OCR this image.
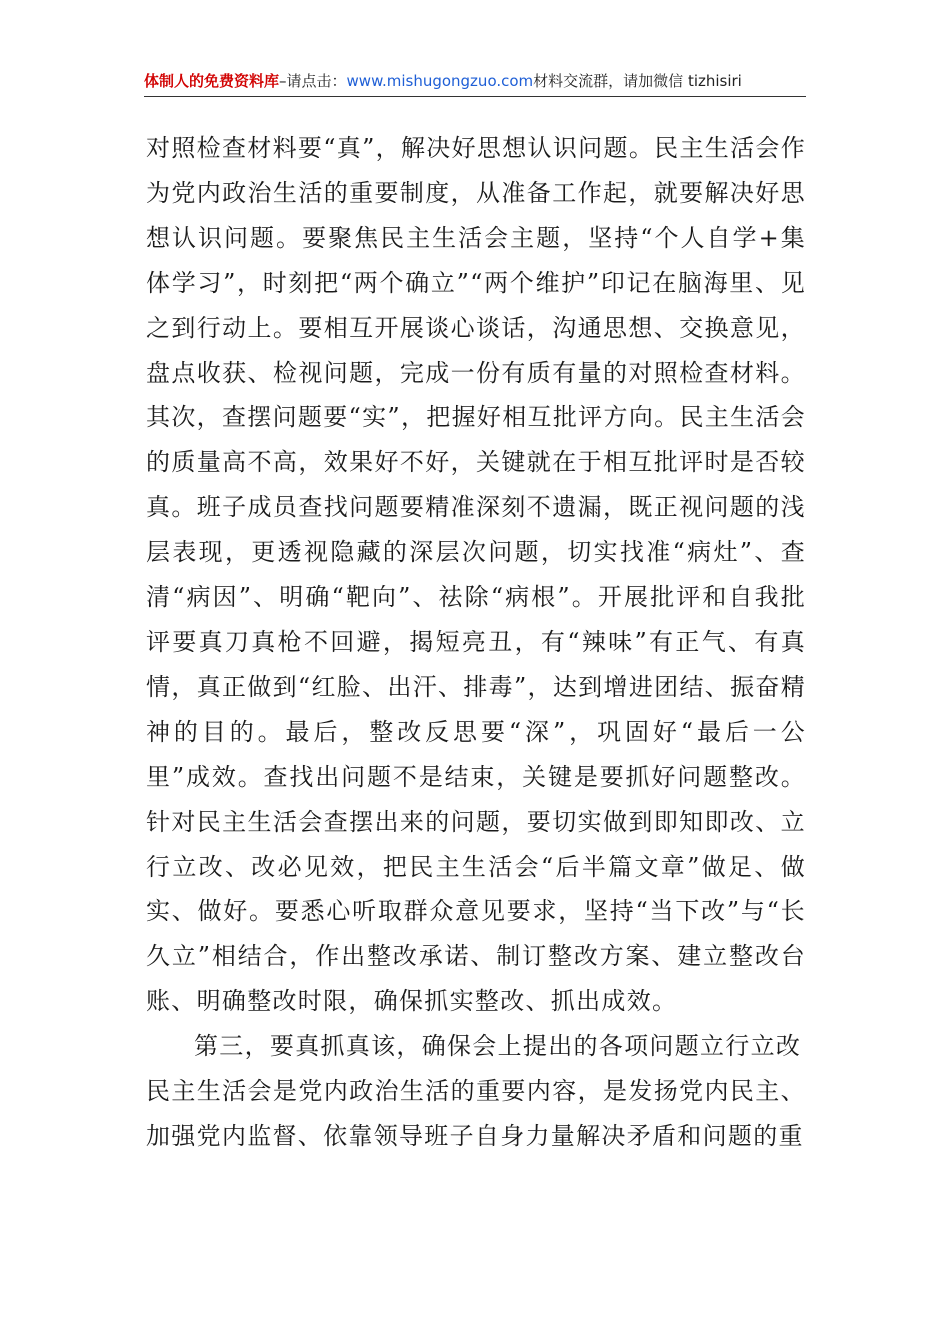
体制人的免费资料库–请点击：www.mishugongzuo.com材料交流群，请加微信 tizhisiri

对照检查材料要“真”，解决好思想认识问题。民主生活会作为党内政治生活的重要制度，从准备工作起，就要解决好思想认识问题。要聚焦民主生活会主题，坚持“个人自学+集体学习”，时刻把“两个确立”“两个维护”印记在脑海里、见之到行动上。要相互开展谈心谈话，沟通思想、交换意见，盘点收获、检视问题，完成一份有质有量的对照检查材料。其次，查摆问题要“实”，把握好相互批评方向。民主生活会的质量高不高，效果好不好，关键就在于相互批评时是否较真。班子成员查找问题要精准深刻不遗漏，既正视问题的浅层表现，更透视隐藏的深层次问题，切实找准“病灶”、查清“病因”、明确“靶向”、祛除“病根”。开展批评和自我批评要真刀真枪不回避，揭短亮丑，有“辣味”有正气、有真情，真正做到“红脸、出汗、排毒”，达到增进团结、振奋精神的目的。最后，整改反思要“深”，巩固好“最后一公里”成效。查找出问题不是结束，关键是要抓好问题整改。针对民主生活会查摆出来的问题，要切实做到即知即改、立行立改、改必见效，把民主生活会“后半篇文章”做足、做实、做好。要悉心听取群众意见要求，坚持“当下改”与“长久立”相结合，作出整改承诺、制订整改方案、建立整改台账、明确整改时限，确保抓实整改、抓出成效。

第三，要真抓真该，确保会上提出的各项问题立行立改

民主生活会是党内政治生活的重要内容，是发扬党内民主、加强党内监督、依靠领导班子自身力量解决矛盾和问题的重
